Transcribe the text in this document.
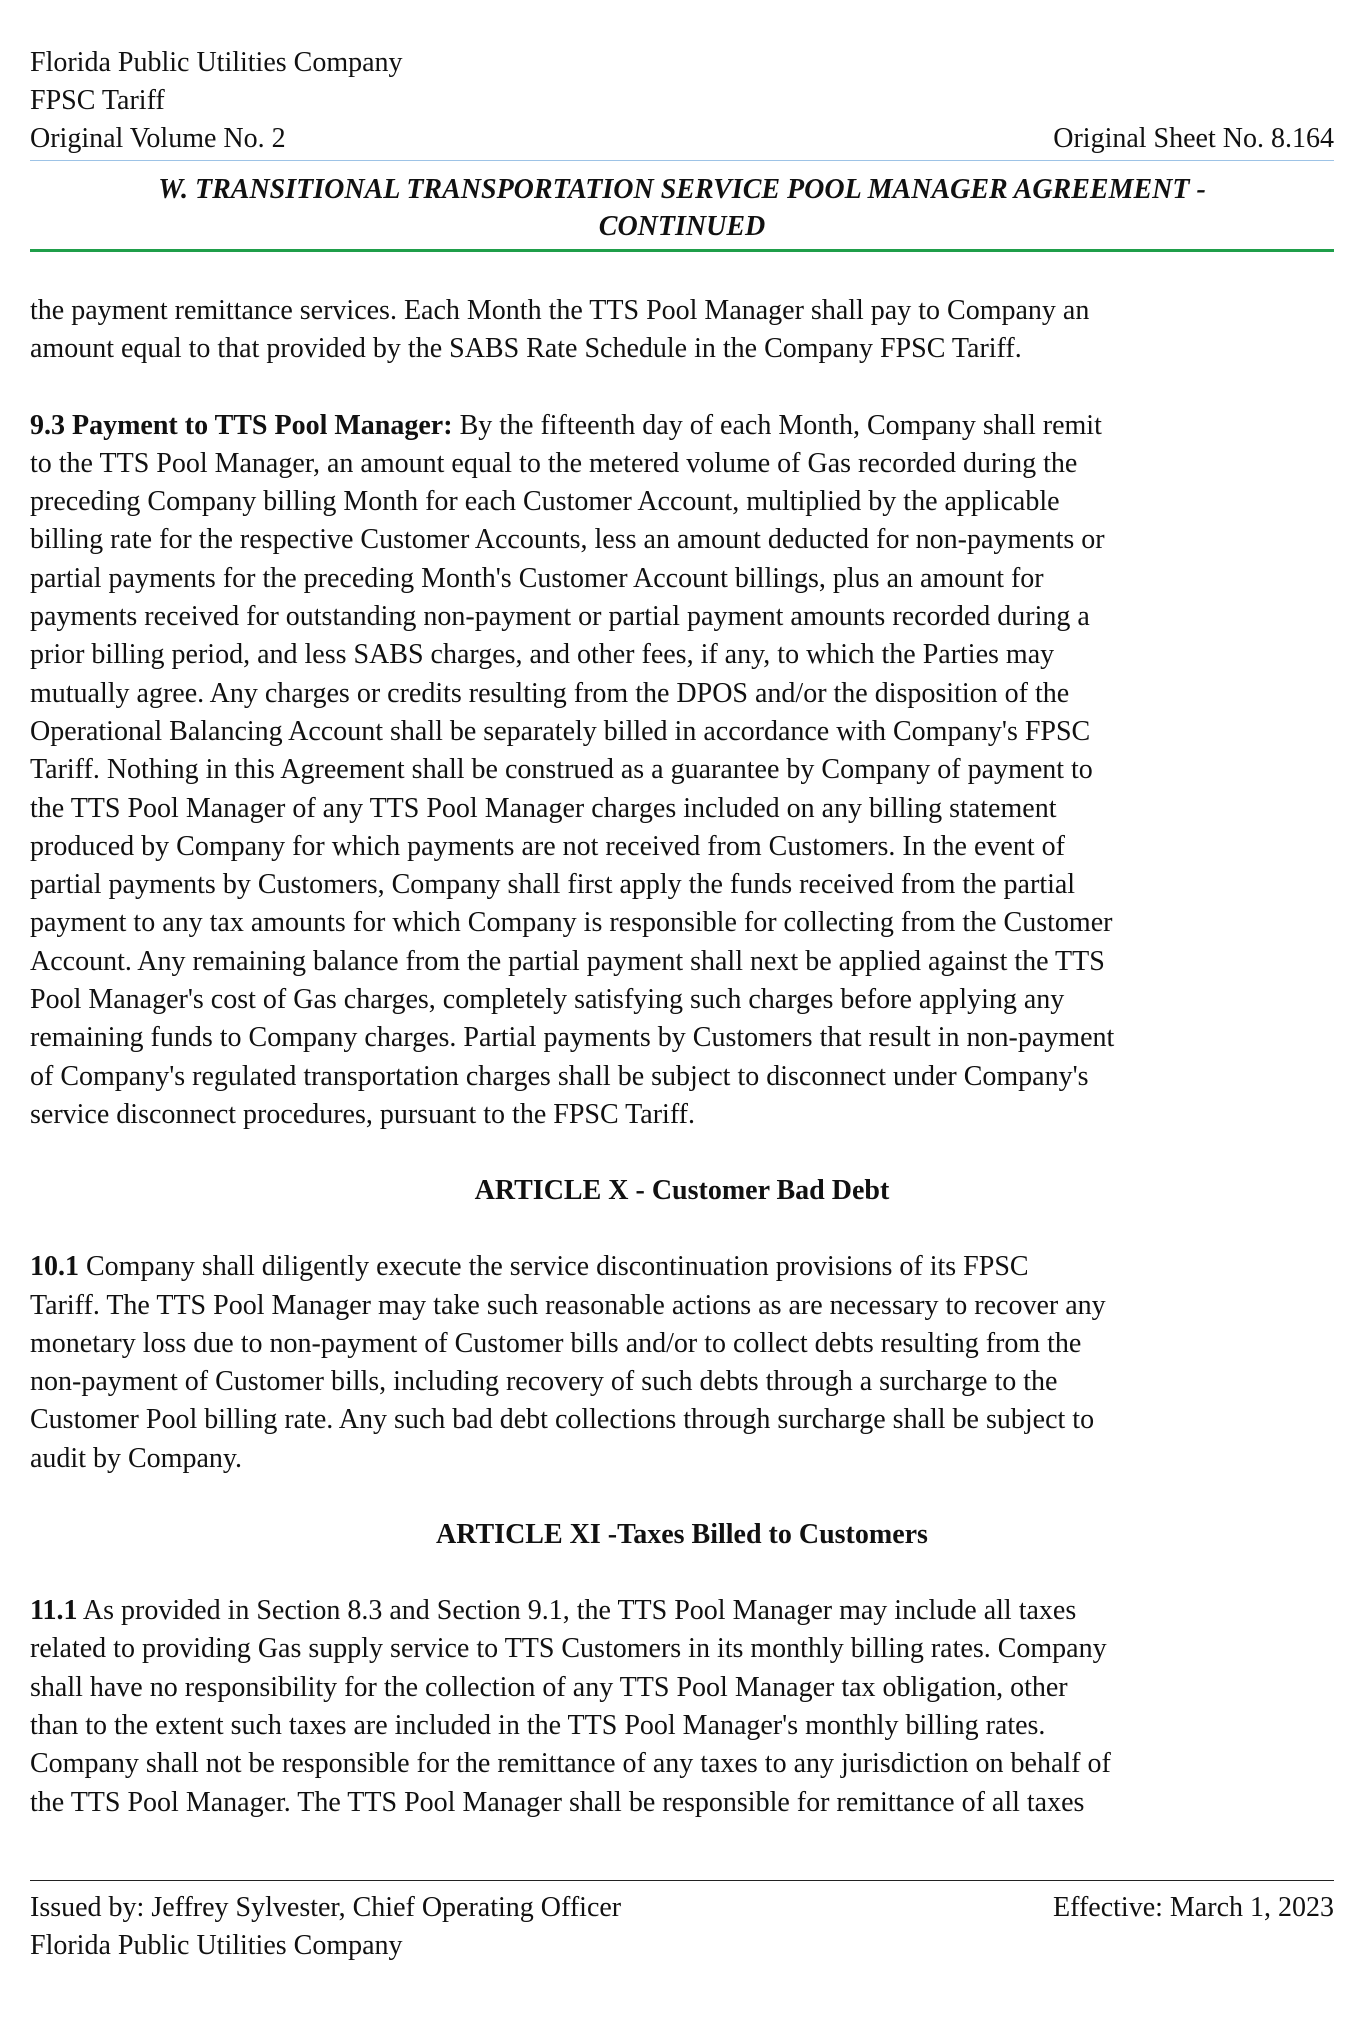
Florida Public Utilities Company
FPSC Tariff
Original Volume No. 2	Original Sheet No. 8.164
W. TRANSITIONAL TRANSPORTATION SERVICE POOL MANAGER AGREEMENT -
CONTINUED

the payment remittance services. Each Month the TTS Pool Manager shall pay to Company an
amount equal to that provided by the SABS Rate Schedule in the Company FPSC Tariff.

9.3 Payment to TTS Pool Manager: By the fifteenth day of each Month, Company shall remit
to the TTS Pool Manager, an amount equal to the metered volume of Gas recorded during the
preceding Company billing Month for each Customer Account, multiplied by the applicable
billing rate for the respective Customer Accounts, less an amount deducted for non-payments or
partial payments for the preceding Month's Customer Account billings, plus an amount for
payments received for outstanding non-payment or partial payment amounts recorded during a
prior billing period, and less SABS charges, and other fees, if any, to which the Parties may
mutually agree. Any charges or credits resulting from the DPOS and/or the disposition of the
Operational Balancing Account shall be separately billed in accordance with Company's FPSC
Tariff. Nothing in this Agreement shall be construed as a guarantee by Company of payment to
the TTS Pool Manager of any TTS Pool Manager charges included on any billing statement
produced by Company for which payments are not received from Customers. In the event of
partial payments by Customers, Company shall first apply the funds received from the partial
payment to any tax amounts for which Company is responsible for collecting from the Customer
Account. Any remaining balance from the partial payment shall next be applied against the TTS
Pool Manager's cost of Gas charges, completely satisfying such charges before applying any
remaining funds to Company charges. Partial payments by Customers that result in non-payment
of Company's regulated transportation charges shall be subject to disconnect under Company's
service disconnect procedures, pursuant to the FPSC Tariff.

ARTICLE X - Customer Bad Debt

10.1 Company shall diligently execute the service discontinuation provisions of its FPSC
Tariff. The TTS Pool Manager may take such reasonable actions as are necessary to recover any
monetary loss due to non-payment of Customer bills and/or to collect debts resulting from the
non-payment of Customer bills, including recovery of such debts through a surcharge to the
Customer Pool billing rate. Any such bad debt collections through surcharge shall be subject to
audit by Company.

ARTICLE XI -Taxes Billed to Customers

11.1 As provided in Section 8.3 and Section 9.1, the TTS Pool Manager may include all taxes
related to providing Gas supply service to TTS Customers in its monthly billing rates. Company
shall have no responsibility for the collection of any TTS Pool Manager tax obligation, other
than to the extent such taxes are included in the TTS Pool Manager's monthly billing rates.
Company shall not be responsible for the remittance of any taxes to any jurisdiction on behalf of
the TTS Pool Manager. The TTS Pool Manager shall be responsible for remittance of all taxes

Issued by: Jeffrey Sylvester, Chief Operating Officer	Effective: March 1, 2023
Florida Public Utilities Company
